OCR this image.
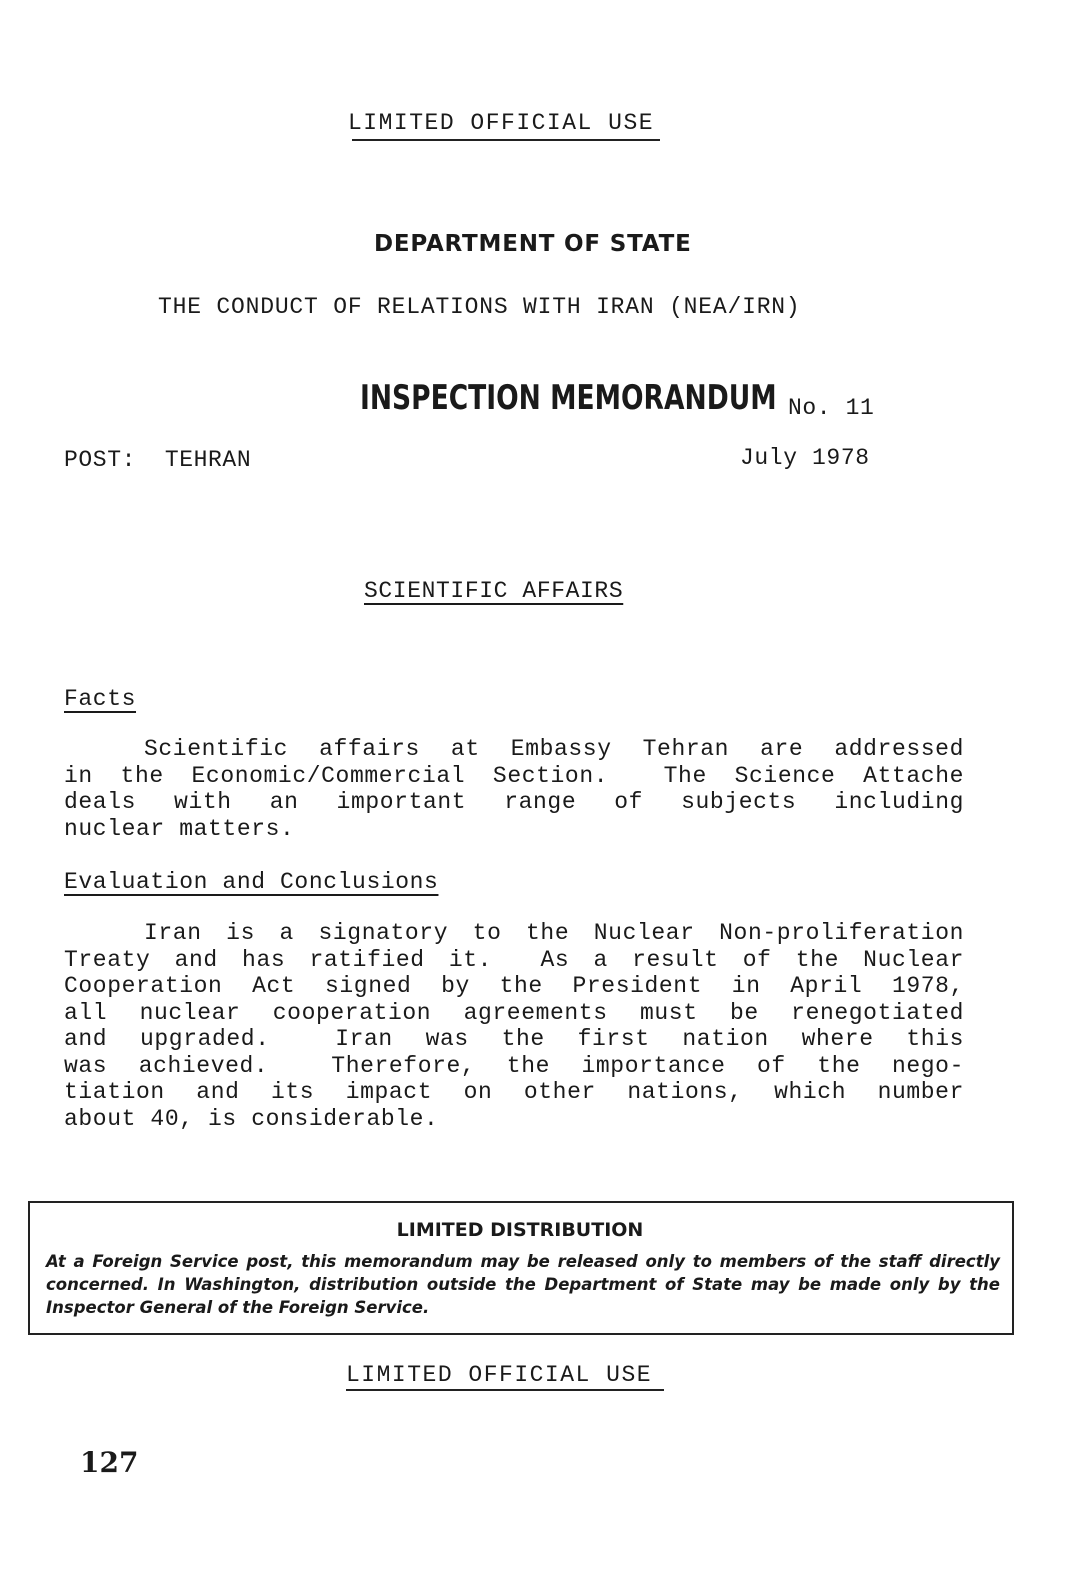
LIMITED OFFICIAL USE

DEPARTMENT OF STATE

THE CONDUCT OF RELATIONS WITH IRAN (NEA/IRN)

INSPECTION MEMORANDUM No. 11

POST:  TEHRAN	July 1978

SCIENTIFIC AFFAIRS

Facts

Scientific affairs at Embassy Tehran are addressed
in the Economic/Commercial Section.  The Science Attache
deals with an important range of subjects including
nuclear matters.

Evaluation and Conclusions

Iran is a signatory to the Nuclear Non-proliferation
Treaty and has ratified it.  As a result of the Nuclear
Cooperation Act signed by the President in April 1978,
all nuclear cooperation agreements must be renegotiated
and upgraded.  Iran was the first nation where this
was achieved.  Therefore, the importance of the nego-
tiation and its impact on other nations, which number
about 40, is considerable.

LIMITED DISTRIBUTION

At a Foreign Service post, this memorandum may be released only to members of the staff directly concerned. In Washington, distribution outside the Department of State may be made only by the Inspector General of the Foreign Service.

LIMITED OFFICIAL USE

127
